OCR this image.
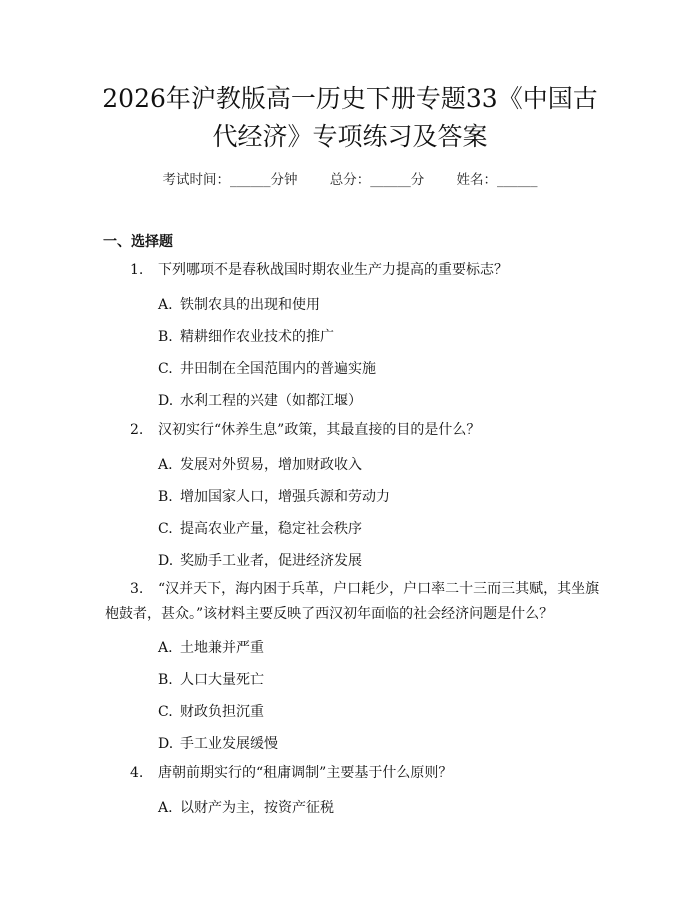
2026年沪教版高一历史下册专题33《中国古
代经济》专项练习及答案
考试时间：______分钟 总分：______分 姓名：______
一、选择题
1. 下列哪项不是春秋战国时期农业生产力提高的重要标志？
A. 铁制农具的出现和使用
B. 精耕细作农业技术的推广
C. 井田制在全国范围内的普遍实施
D. 水利工程的兴建（如都江堰）
2. 汉初实行“休养生息”政策，其最直接的目的是什么？
A. 发展对外贸易，增加财政收入
B. 增加国家人口，增强兵源和劳动力
C. 提高农业产量，稳定社会秩序
D. 奖励手工业者，促进经济发展
3. “汉并天下，海内困于兵革，户口耗少，户口率二十三而三其赋，其坐旗
枹鼓者，甚众。”该材料主要反映了西汉初年面临的社会经济问题是什么？
A. 土地兼并严重
B. 人口大量死亡
C. 财政负担沉重
D. 手工业发展缓慢
4. 唐朝前期实行的“租庸调制”主要基于什么原则？
A. 以财产为主，按资产征税
